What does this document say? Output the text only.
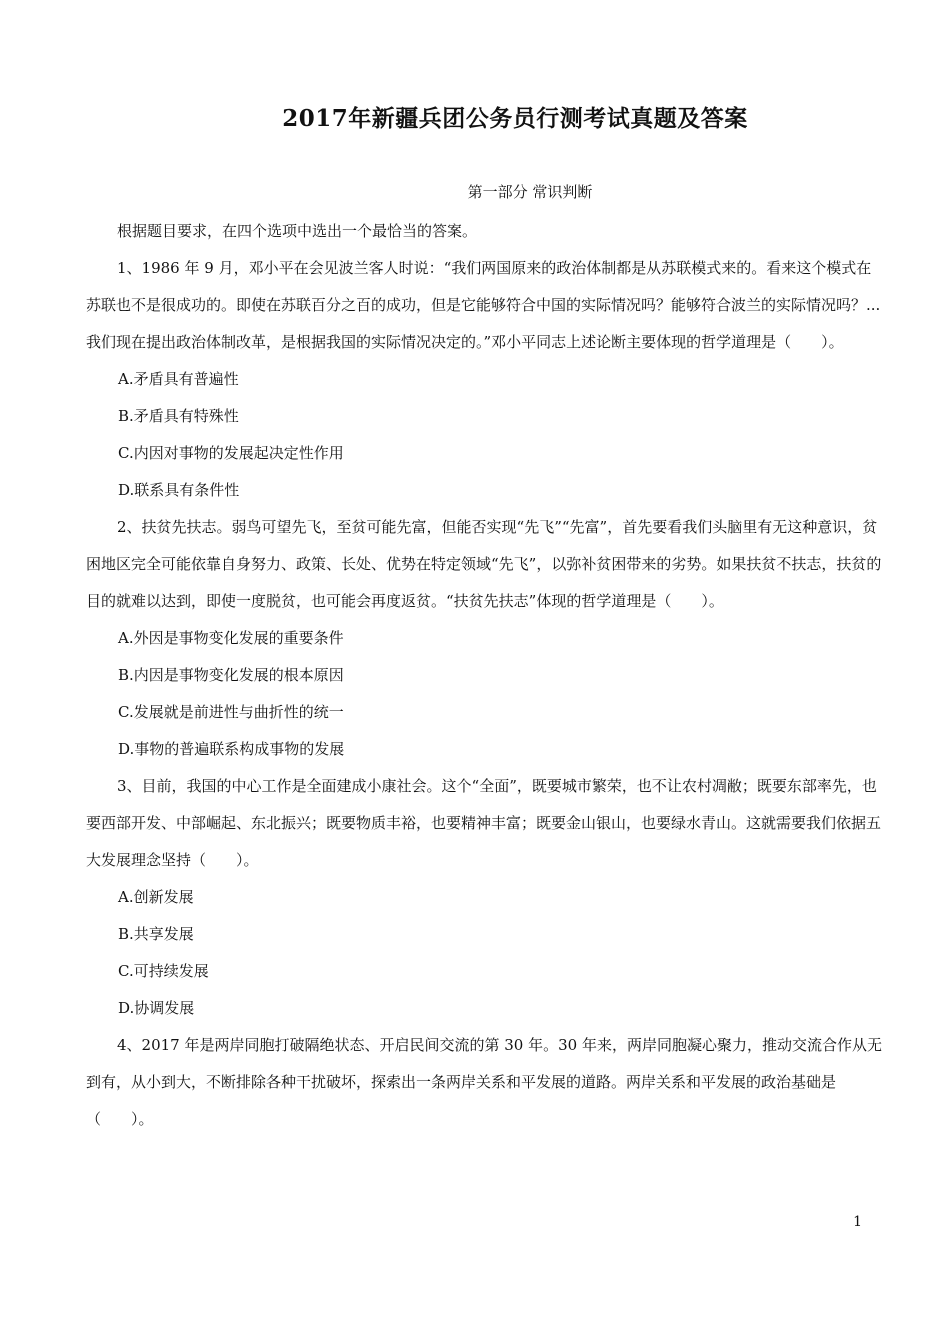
2017年新疆兵团公务员行测考试真题及答案
第一部分 常识判断

根据题目要求，在四个选项中选出一个最恰当的答案。

1、1986 年 9 月，邓小平在会见波兰客人时说：“我们两国原来的政治体制都是从苏联模式来的。看来这个模式在苏联也不是很成功的。即使在苏联百分之百的成功，但是它能够符合中国的实际情况吗？能够符合波兰的实际情况吗？...我们现在提出政治体制改革，是根据我国的实际情况决定的。”邓小平同志上述论断主要体现的哲学道理是（　　）。

A.矛盾具有普遍性

B.矛盾具有特殊性

C.内因对事物的发展起决定性作用

D.联系具有条件性

2、扶贫先扶志。弱鸟可望先飞，至贫可能先富，但能否实现“先飞”“先富”，首先要看我们头脑里有无这种意识，贫困地区完全可能依靠自身努力、政策、长处、优势在特定领域“先飞”，以弥补贫困带来的劣势。如果扶贫不扶志，扶贫的目的就难以达到，即使一度脱贫，也可能会再度返贫。“扶贫先扶志”体现的哲学道理是（　　）。

A.外因是事物变化发展的重要条件

B.内因是事物变化发展的根本原因

C.发展就是前进性与曲折性的统一

D.事物的普遍联系构成事物的发展

3、目前，我国的中心工作是全面建成小康社会。这个“全面”，既要城市繁荣，也不让农村凋敝；既要东部率先，也要西部开发、中部崛起、东北振兴；既要物质丰裕，也要精神丰富；既要金山银山，也要绿水青山。这就需要我们依据五大发展理念坚持（　　）。

A.创新发展

B.共享发展

C.可持续发展

D.协调发展

4、2017 年是两岸同胞打破隔绝状态、开启民间交流的第 30 年。30 年来，两岸同胞凝心聚力，推动交流合作从无到有，从小到大，不断排除各种干扰破坏，探索出一条两岸关系和平发展的道路。两岸关系和平发展的政治基础是（　　）。

1
